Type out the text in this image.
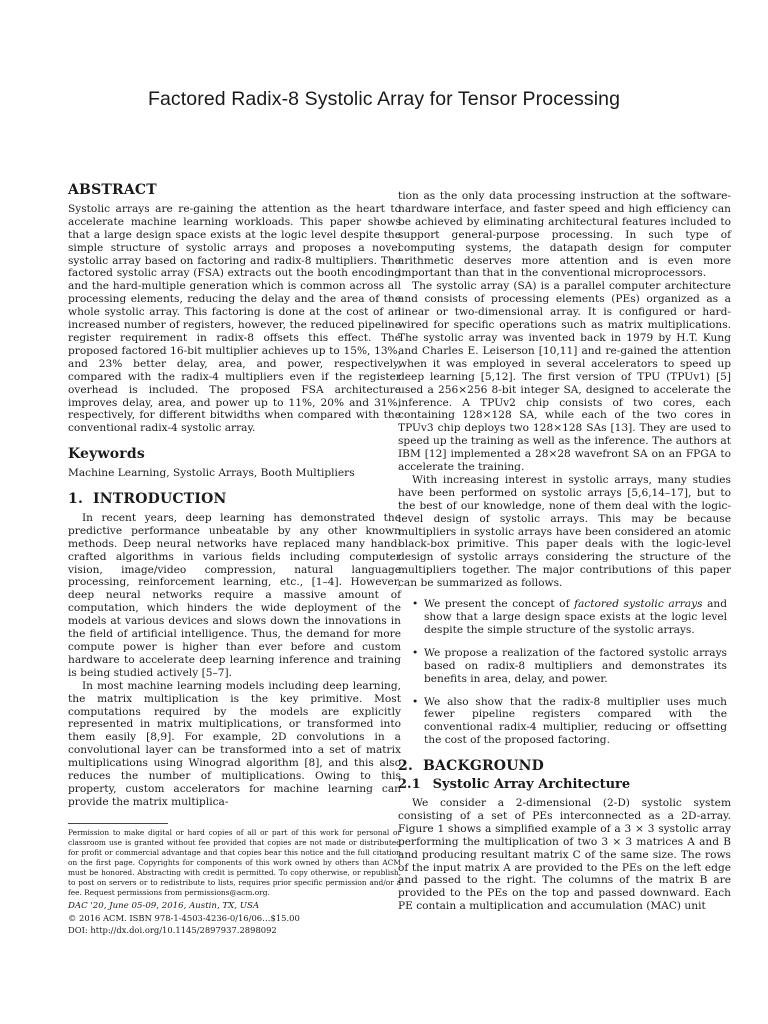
Factored Radix-8 Systolic Array for Tensor Processing
ABSTRACT

Systolic arrays are re-gaining the attention as the heart to accelerate machine learning workloads. This paper shows that a large design space exists at the logic level despite the simple structure of systolic arrays and proposes a novel systolic array based on factoring and radix-8 multipliers. The factored systolic array (FSA) extracts out the booth encoding and the hard-multiple generation which is common across all processing elements, reducing the delay and the area of the whole systolic array. This factoring is done at the cost of an increased number of registers, however, the reduced pipeline register requirement in radix-8 offsets this effect. The proposed factored 16-bit multiplier achieves up to 15%, 13%, and 23% better delay, area, and power, respectively, compared with the radix-4 multipliers even if the register overhead is included. The proposed FSA architecture improves delay, area, and power up to 11%, 20% and 31%, respectively, for different bitwidths when compared with the conventional radix-4 systolic array.

Keywords

Machine Learning, Systolic Arrays, Booth Multipliers

1. INTRODUCTION

In recent years, deep learning has demonstrated the predictive performance unbeatable by any other known methods. Deep neural networks have replaced many hand-crafted algorithms in various fields including computer vision, image/video compression, natural language processing, reinforcement learning, etc., [1–4]. However, deep neural networks require a massive amount of computation, which hinders the wide deployment of the models at various devices and slows down the innovations in the field of artificial intelligence. Thus, the demand for more compute power is higher than ever before and custom hardware to accelerate deep learning inference and training is being studied actively [5–7].

In most machine learning models including deep learning, the matrix multiplication is the key primitive. Most computations required by the models are explicitly represented in matrix multiplications, or transformed into them easily [8,9]. For example, 2D convolutions in a convolutional layer can be transformed into a set of matrix multiplications using Winograd algorithm [8], and this also reduces the number of multiplications. Owing to this property, custom accelerators for machine learning can provide the matrix multiplica-

Permission to make digital or hard copies of all or part of this work for personal or classroom use is granted without fee provided that copies are not made or distributed for profit or commercial advantage and that copies bear this notice and the full citation on the first page. Copyrights for components of this work owned by others than ACM must be honored. Abstracting with credit is permitted. To copy otherwise, or republish, to post on servers or to redistribute to lists, requires prior specific permission and/or a fee. Request permissions from permissions@acm.org.

DAC '20, June 05-09, 2016, Austin, TX, USA
© 2016 ACM. ISBN 978-1-4503-4236-0/16/06…$15.00
DOI: http://dx.doi.org/10.1145/2897937.2898092

tion as the only data processing instruction at the software-hardware interface, and faster speed and high efficiency can be achieved by eliminating architectural features included to support general-purpose processing. In such type of computing systems, the datapath design for computer arithmetic deserves more attention and is even more important than that in the conventional microprocessors.

The systolic array (SA) is a parallel computer architecture and consists of processing elements (PEs) organized as a linear or two-dimensional array. It is configured or hard-wired for specific operations such as matrix multiplications. The systolic array was invented back in 1979 by H.T. Kung and Charles E. Leiserson [10,11] and re-gained the attention when it was employed in several accelerators to speed up deep learning [5,12]. The first version of TPU (TPUv1) [5] used a 256×256 8-bit integer SA, designed to accelerate the inference. A TPUv2 chip consists of two cores, each containing 128×128 SA, while each of the two cores in TPUv3 chip deploys two 128×128 SAs [13]. They are used to speed up the training as well as the inference. The authors at IBM [12] implemented a 28×28 wavefront SA on an FPGA to accelerate the training.

With increasing interest in systolic arrays, many studies have been performed on systolic arrays [5,6,14–17], but to the best of our knowledge, none of them deal with the logic-level design of systolic arrays. This may be because multipliers in systolic arrays have been considered an atomic black-box primitive. This paper deals with the logic-level design of systolic arrays considering the structure of the multipliers together. The major contributions of this paper can be summarized as follows.

• We present the concept of factored systolic arrays and show that a large design space exists at the logic level despite the simple structure of the systolic arrays.
• We propose a realization of the factored systolic arrays based on radix-8 multipliers and demonstrates its benefits in area, delay, and power.
• We also show that the radix-8 multiplier uses much fewer pipeline registers compared with the conventional radix-4 multiplier, reducing or offsetting the cost of the proposed factoring.
2. BACKGROUND
2.1 Systolic Array Architecture

We consider a 2-dimensional (2-D) systolic system consisting of a set of PEs interconnected as a 2D-array. Figure 1 shows a simplified example of a 3 × 3 systolic array performing the multiplication of two 3 × 3 matrices A and B and producing resultant matrix C of the same size. The rows of the input matrix A are provided to the PEs on the left edge and passed to the right. The columns of the matrix B are provided to the PEs on the top and passed downward. Each PE contain a multiplication and accumulation (MAC) unit
